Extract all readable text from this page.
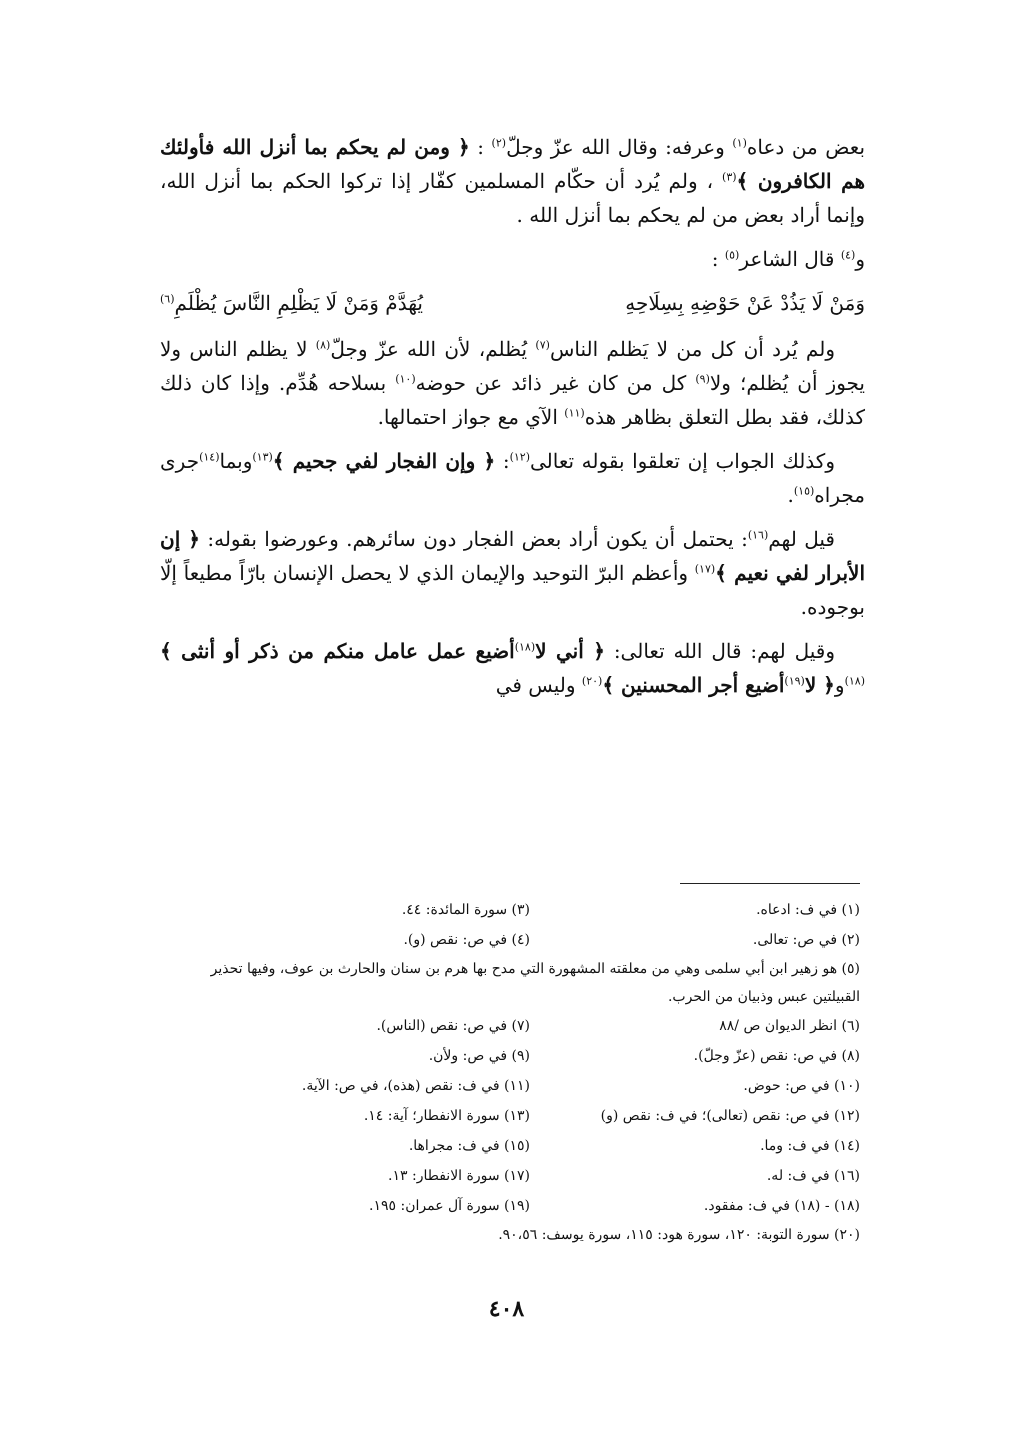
بعض من دعاه$^{(١)}$ وعرفه: وقال الله عزّ وجلّ$^{(٢)}$ : ﴿ ومن لم يحكم بما أنزل الله فأولئك هم الكافرون ﴾$^{(٣)}$ ، ولم يُرد أن حكّام المسلمين كفّار إذا تركوا الحكم بما أنزل الله، وإنما أراد بعض من لم يحكم بما أنزل الله .

و$^{(٤)}$ قال الشاعر$^{(٥)}$ :

وَمَنْ لَا يَذُدْ عَنْ حَوْضِهِ بِسِلَاحِهِ
يُهَدَّمْ وَمَنْ لَا يَظْلِمِ النَّاسَ يُظْلَمِ$^{(٦)}$

ولم يُرد أن كل من لا يَظلم الناس$^{(٧)}$ يُظلم، لأن الله عزّ وجلّ$^{(٨)}$ لا يظلم الناس ولا يجوز أن يُظلم؛ ولا$^{(٩)}$ كل من كان غير ذائد عن حوضه$^{(١٠)}$ بسلاحه هُدِّم. وإذا كان ذلك كذلك، فقد بطل التعلق بظاهر هذه$^{(١١)}$ الآي مع جواز احتمالها.

وكذلك الجواب إن تعلقوا بقوله تعالى$^{(١٢)}$: ﴿ وإن الفجار لفي جحيم ﴾$^{(١٣)}$وبما$^{(١٤)}$جرى مجراه$^{(١٥)}$.

قيل لهم$^{(١٦)}$: يحتمل أن يكون أراد بعض الفجار دون سائرهم. وعورضوا بقوله: ﴿ إن الأبرار لفي نعيم ﴾$^{(١٧)}$ وأعظم البرّ التوحيد والإيمان الذي لا يحصل الإنسان بارّاً مطيعاً إلّا بوجوده.

وقيل لهم: قال الله تعالى: ﴿ أني لا$^{(١٨)}$أضيع عمل عامل منكم من ذكر أو أنثى ﴾$^{(١٨)}$و﴿ لا$^{(١٩)}$أضيع أجر المحسنين ﴾$^{(٢٠)}$ وليس في

(١) في ف: ادعاه.
(٣) سورة المائدة: ٤٤.
(٢) في ص: تعالى.
(٤) في ص: نقص (و).
(٥) هو زهير ابن أبي سلمى وهي من معلقته المشهورة التي مدح بها هرم بن سنان والحارث بن عوف، وفيها تحذير القبيلتين عبس وذبيان من الحرب.
(٦) انظر الديوان ص /٨٨
(٧) في ص: نقص (الناس).
(٨) في ص: نقص (عزّ وجلّ).
(٩) في ص: ولأن.
(١٠) في ص: حوض.
(١١) في ف: نقص (هذه)، في ص: الآية.
(١٢) في ص: نقص (تعالى)؛ في ف: نقص (و)
(١٣) سورة الانفطار؛ آية: ١٤.
(١٤) في ف: وما.
(١٥) في ف: مجراها.
(١٦) في ف: له.
(١٧) سورة الانفطار: ١٣.
(١٨) - (١٨) في ف: مفقود.
(١٩) سورة آل عمران: ١٩٥.
(٢٠) سورة التوبة: ١٢٠، سورة هود: ١١٥، سورة يوسف: ٩٠،٥٦.
٤٠٨
